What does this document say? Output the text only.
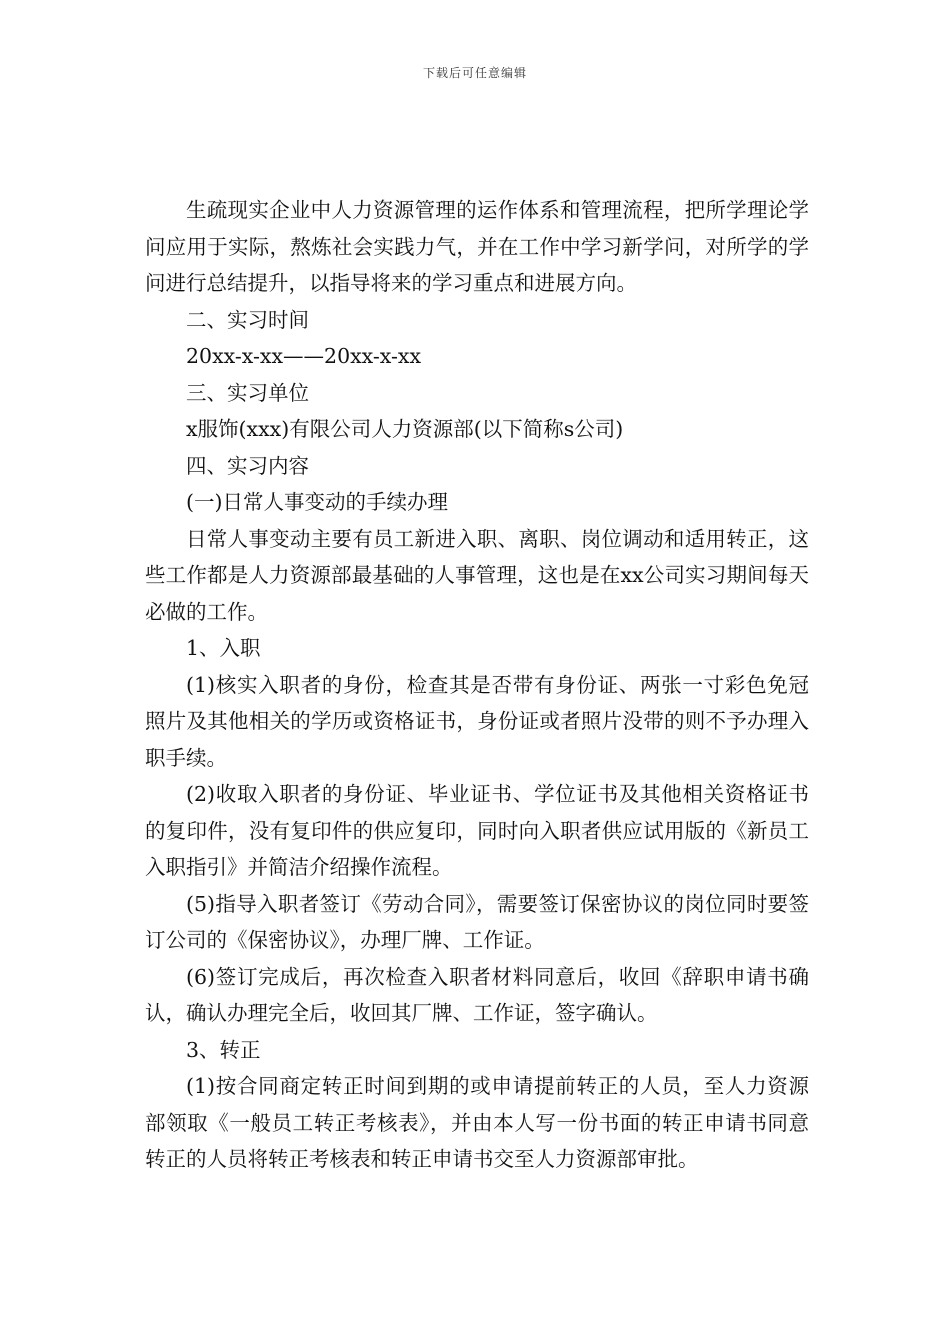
下载后可任意编辑

生疏现实企业中人力资源管理的运作体系和管理流程，把所学理论学问应用于实际，熬炼社会实践力气，并在工作中学习新学问，对所学的学问进行总结提升，以指导将来的学习重点和进展方向。

二、实习时间

20xx-x-xx——20xx-x-xx

三、实习单位

x服饰(xxx)有限公司人力资源部(以下简称s公司)

四、实习内容

(一)日常人事变动的手续办理

日常人事变动主要有员工新进入职、离职、岗位调动和适用转正，这些工作都是人力资源部最基础的人事管理，这也是在xx公司实习期间每天必做的工作。

1、入职

(1)核实入职者的身份，检查其是否带有身份证、两张一寸彩色免冠照片及其他相关的学历或资格证书，身份证或者照片没带的则不予办理入职手续。

(2)收取入职者的身份证、毕业证书、学位证书及其他相关资格证书的复印件，没有复印件的供应复印，同时向入职者供应试用版的《新员工入职指引》并简洁介绍操作流程。

(5)指导入职者签订《劳动合同》，需要签订保密协议的岗位同时要签订公司的《保密协议》，办理厂牌、工作证。

(6)签订完成后，再次检查入职者材料同意后，收回《辞职申请书确认，确认办理完全后，收回其厂牌、工作证，签字确认。

3、转正

(1)按合同商定转正时间到期的或申请提前转正的人员，至人力资源部领取《一般员工转正考核表》，并由本人写一份书面的转正申请书同意转正的人员将转正考核表和转正申请书交至人力资源部审批。
